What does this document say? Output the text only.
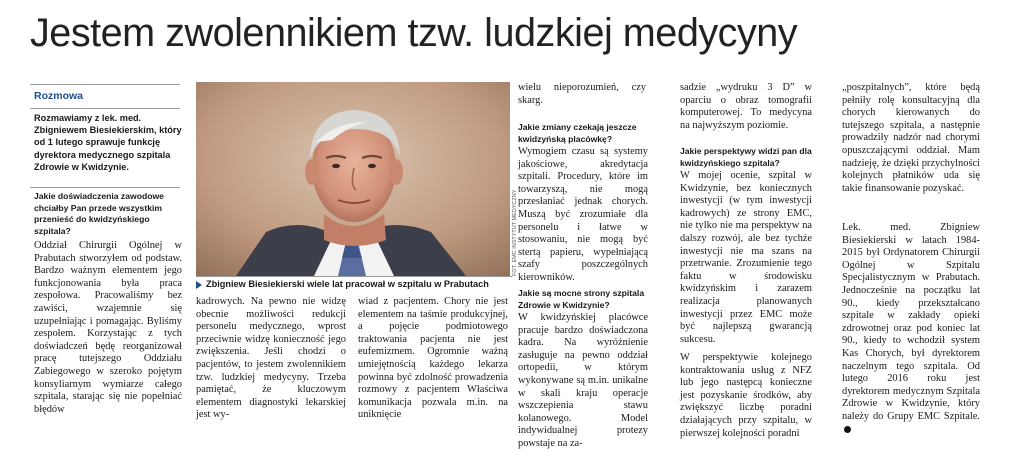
Jestem zwolennikiem tzw. ludzkiej medycyny
Rozmowa
Rozmawiamy z lek. med. Zbigniewem Biesiekierskim, który od 1 lutego sprawuje funkcję dyrektora medycznego szpitala Zdrowie w Kwidzynie.
Jakie doświadczenia zawodowe chciałby Pan przede wszystkim przenieść do kwidzyńskiego szpitala?
Oddział Chirurgii Ogólnej w Prabutach stworzyłem od podstaw. Bardzo ważnym elementem jego funkcjonowania była praca zespołowa. Pracowaliśmy bez zawiści, wzajemnie się uzupełniając i pomagając. Byliśmy zespołem. Korzystając z tych doświadczeń będę reorganizował pracę tutejszego Oddziału Zabiegowego w szeroko pojętym konsyliarnym wymiarze całego szpitala, starając się nie popełniać błędów
FOT. EMC INSTYTUT MEDYCZNY
Zbigniew Biesiekierski wiele lat pracował w szpitalu w Prabutach
kadrowych. Na pewno nie widzę obecnie możliwości redukcji personelu medycznego, wprost przeciwnie widzę konieczność jego zwiększenia. Jeśli chodzi o pacjentów, to jestem zwolennikiem tzw. ludzkiej medycyny. Trzeba pamiętać, że kluczowym elementem diagnostyki lekarskiej jest wy-
wiad z pacjentem. Chory nie jest elementem na taśmie produkcyjnej, a pojęcie podmiotowego traktowania pacjenta nie jest eufemizmem. Ogromnie ważną umiejętnością każdego lekarza powinna być zdolność prowadzenia rozmowy z pacjentem Właściwa komunikacja pozwala m.in. na uniknięcie
wielu nieporozumień, czy skarg.
Jakie zmiany czekają jeszcze kwidzyńską placówkę?
Wymogiem czasu są systemy jakościowe, akredytacja szpitali. Procedury, które im towarzyszą, nie mogą przesłaniać jednak chorych. Muszą być zrozumiałe dla personelu i łatwe w stosowaniu, nie mogą być stertą papieru, wypełniającą szafy poszczególnych kierowników.
Jakie są mocne strony szpitala Zdrowie w Kwidzynie?
W kwidzyńskiej placówce pracuje bardzo doświadczona kadra. Na wyróżnienie zasługuje na pewno oddział ortopedii, w którym wykonywane są m.in. unikalne w skali kraju operacje wszczepienia stawu kolanowego. Model indywidualnej protezy powstaje na za-
sadzie „wydruku 3 D” w oparciu o obraz tomografii komputerowej. To medycyna na najwyższym poziomie.
Jakie perspektywy widzi pan dla kwidzyńskiego szpitala?
W mojej ocenie, szpital w Kwidzynie, bez koniecznych inwestycji (w tym inwestycji kadrowych) ze strony EMC, nie tylko nie ma perspektyw na dalszy rozwój, ale bez tychże inwestycji nie ma szans na przetrwanie. Zrozumienie tego faktu w środowisku kwidzyńskim i zarazem realizacja planowanych inwestycji przez EMC może być najlepszą gwarancją sukcesu.
W perspektywie kolejnego kontraktowania usług z NFZ lub jego następcą konieczne jest pozyskanie środków, aby zwiększyć liczbę poradni działających przy szpitalu, w pierwszej kolejności poradni
„poszpitalnych”, które będą pełniły rolę konsultacyjną dla chorych kierowanych do tutejszego szpitala, a następnie prowadziły nadzór nad chorymi opuszczającymi oddział. Mam nadzieję, że dzięki przychylności kolejnych płatników uda się takie finansowanie pozyskać.
Lek. med. Zbigniew Biesiekierski w latach 1984-2015 był Ordynatorem Chirurgii Ogólnej w Szpitalu Specjalistycznym w Prabutach. Jednocześnie na początku lat 90., kiedy przekształcano szpitale w zakłady opieki zdrowotnej oraz pod koniec lat 90., kiedy to wchodził system Kas Chorych, był dyrektorem naczelnym tego szpitala. Od lutego 2016 roku jest dyrektorem medycznym Szpitala Zdrowie w Kwidzynie, który należy do Grupy EMC Szpitale.
